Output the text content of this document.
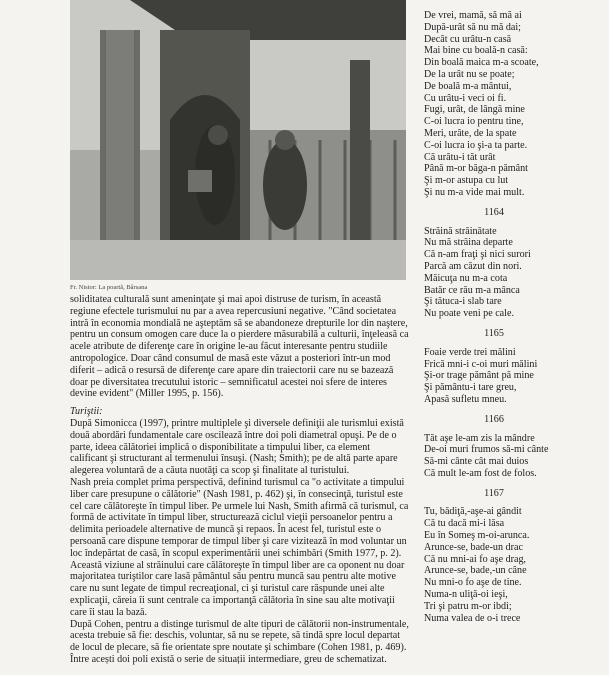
Fr. Nistor: La poartă, Bârsana

soliditatea culturală sunt ameninţate şi mai apoi distruse de turism, în această regiune efectele turismului nu par a avea repercusiuni negative. "Când societatea intră în economia mondială ne aşteptăm să se abandoneze drepturile lor din naştere, pentru un consum omogen care duce la o pierdere măsurabilă a culturii, înţeleasă ca acele atribute de diferenţe care în origine le-au făcut interesante pentru studiile antropologice. Doar când consumul de masă este văzut a posteriori într-un mod diferit – adică o resursă de diferenţe care apare din traiectorii care nu se bazează doar pe diversitatea trecutului istoric – semnificatul acestei noi sfere de interes devine evident" (Miller 1995, p. 156).

Turiştii:

După Simonicca (1997), printre multiplele şi diversele definiţii ale turismlui există două abordări fundamentale care oscilează între doi poli diametral opuşi. Pe de o parte, ideea călătoriei implică o disponibilitate a timpului liber, ca element calificant şi structurant al termenului însuşi. (Nash; Smith); pe de altă parte apare alegerea voluntară de a căuta nuotăţi ca scop şi finalitate al turistului.

Nash preia complet prima perspectivă, definind turismul ca "o activitate a timpului liber care presupune o călătorie" (Nash 1981, p. 462) şi, în consecinţă, turistul este cel care călătoreşte în timpul liber. Pe urmele lui Nash, Smith afirmă că turismul, ca formă de activitate în timpul liber, structurează ciclul vieţii persoanelor pentru a delimita perioadele alternative de muncă şi repaos. În acest fel, turistul este o persoană care dispune temporar de timpul liber şi care vizitează în mod voluntar un loc îndepărtat de casă, în scopul experimentării unei schimbări (Smith 1977, p. 2).

Această viziune al străinului care călătoreşte în timpul liber are ca oponent nu doar majoritatea turiştilor care lasă pământul său pentru muncă sau pentru alte motive care nu sunt legate de timpul recreaţional, ci şi turistul care răspunde unei alte explicaţii, căreia îi sunt centrale ca importanţă călătoria în sine sau alte motivaţii care îi stau la bază.

După Cohen, pentru a distinge turismul de alte tipuri de călătorii non-instrumentale, acesta trebuie să fie: deschis, voluntar, să nu se repete, să tindă spre locul departat de locul de plecare, să fie orientate spre noutate şi schimbare (Cohen 1981, p. 469).

Între acești doi poli există o serie de situații intermediare, greu de schematizat.

De vrei, mamă, să mă ai
După-urât să nu mă dai;
Decât cu urâtu-n casă
Mai bine cu boală-n casă:
Din boală maica m-a scoate,
De la urât nu se poate;
De boală m-a mântui,
Cu urâtu-i veci oi fi.
Fugi, urât, de lângă mine
C-oi lucra io pentru tine,
Meri, urâte, de la spate
C-oi lucra io şi-a ta parte.
Că urâtu-i tăt urât
Până m-or băga-n pământ
Şi m-or astupa cu lut
Şi nu m-a vide mai mult.
1164
Străină străinătate
Nu mă străina departe
Că n-am fraţi şi nici surori
Parcă am căzut din nori.
Măicuţa nu m-a cota
Batăr ce rău m-a mânca
Şi tătuca-i slab tare
Nu poate veni pe cale.
1165
Foaie verde trei mălini
Frică mni-i c-oi muri mălini
Şi-or trage pământ pă mine
Şi pământu-i tare greu,
Apasă sufletu mneu.
1166
Tăt aşe le-am zis la mândre
De-oi muri frumos să-mi cânte
Să-mi cânte cât mai duios
Că mult le-am fost de folos.
1167
Tu, bădiţă,-aşe-ai gândit
Că tu dacă mi-i lăsa
Eu în Someş m-oi-arunca.
Arunce-se, bade-un drac
Că nu mni-ai fo aşe drag,
Arunce-se, bade,-un câne
Nu mni-o fo aşe de tine.
Numa-n uliţă-oi ieşi,
Tri şi patru m-or ibdi;
Numa valea de o-i trece
